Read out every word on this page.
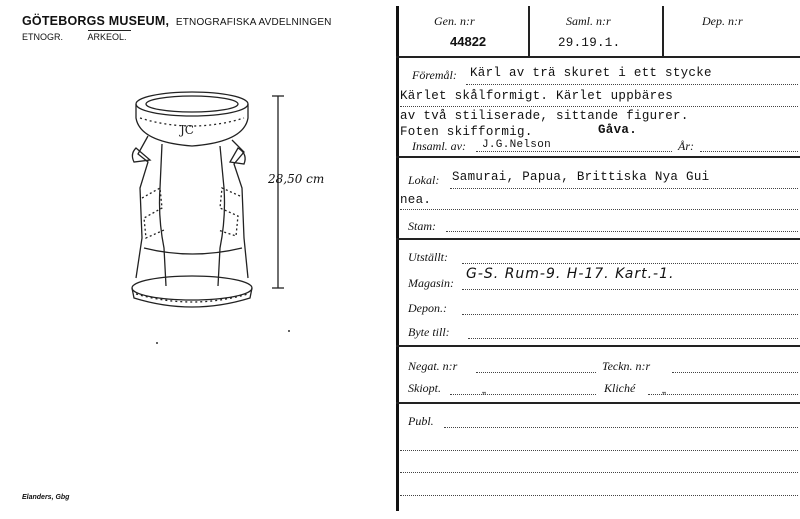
GÖTEBORGS MUSEUM, ETNOGRAFISKA AVDELNINGEN
ETNOGR.	ARKEOL.
JC
28,50 cm
Elanders, Gbg
Gen. n:r
44822
Saml. n:r
29.19.1.
Dep. n:r
Föremål: Kärl av trä skuret i ett stycke
Kärlet skålformigt. Kärlet uppbäres
av två stiliserade, sittande figurer.
Foten skifformig.	Gåva.
Insaml. av: J.G.Nelson	År:
Lokal: Samurai, Papua, Brittiska Nya Gui
nea.
Stam:
Utställt:
Magasin:
G-S. Rum-9. H-17. Kart.-1.
Depon.:
Byte till:
Negat. n:r	Teckn. n:r
Skiopt.	„	Kliché „
Publ.
